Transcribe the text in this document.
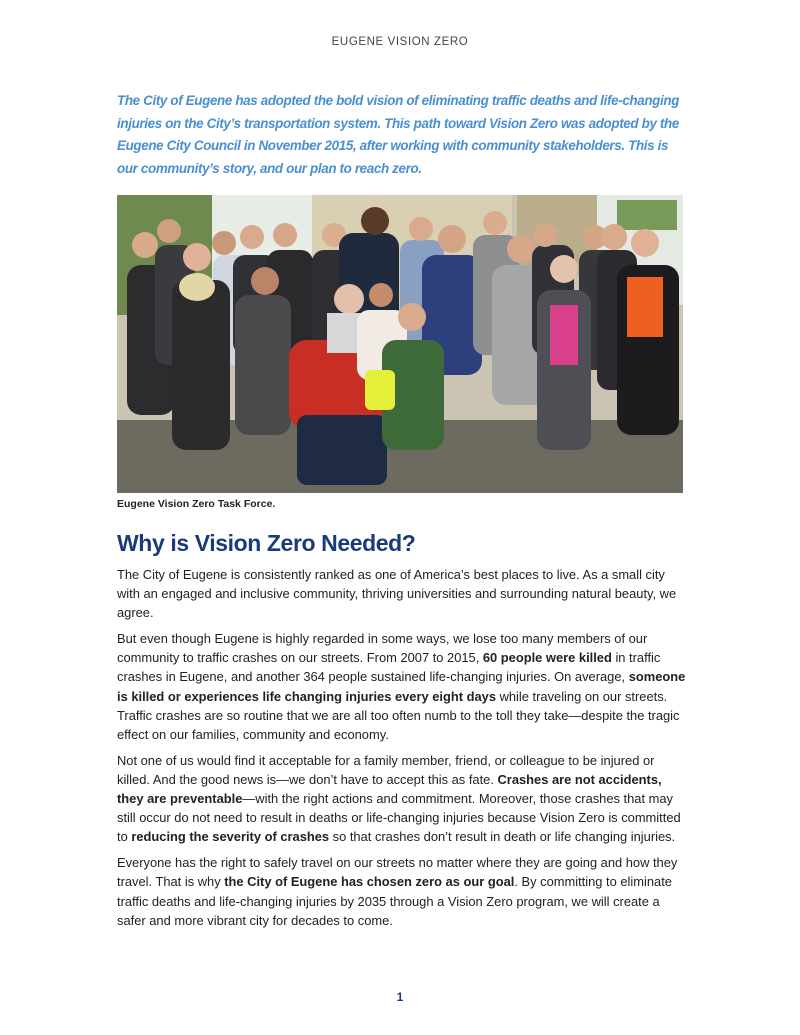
EUGENE VISION ZERO
The City of Eugene has adopted the bold vision of eliminating traffic deaths and life-changing injuries on the City’s transportation system. This path toward Vision Zero was adopted by the Eugene City Council in November 2015, after working with community stakeholders. This is our community’s story, and our plan to reach zero.
Eugene Vision Zero Task Force.
Why is Vision Zero Needed?

The City of Eugene is consistently ranked as one of America’s best places to live. As a small city with an engaged and inclusive community, thriving universities and surrounding natural beauty, we agree.

But even though Eugene is highly regarded in some ways, we lose too many members of our community to traffic crashes on our streets. From 2007 to 2015, 60 people were killed in traffic crashes in Eugene, and another 364 people sustained life-changing injuries. On average, someone is killed or experiences life changing injuries every eight days while traveling on our streets. Traffic crashes are so routine that we are all too often numb to the toll they take—despite the tragic effect on our families, community and economy.

Not one of us would find it acceptable for a family member, friend, or colleague to be injured or killed. And the good news is—we don’t have to accept this as fate. Crashes are not accidents, they are preventable—with the right actions and commitment. Moreover, those crashes that may still occur do not need to result in deaths or life-changing injuries because Vision Zero is committed to reducing the severity of crashes so that crashes don’t result in death or life changing injuries.

Everyone has the right to safely travel on our streets no matter where they are going and how they travel. That is why the City of Eugene has chosen zero as our goal. By committing to eliminate traffic deaths and life-changing injuries by 2035 through a Vision Zero program, we will create a safer and more vibrant city for decades to come.

1
